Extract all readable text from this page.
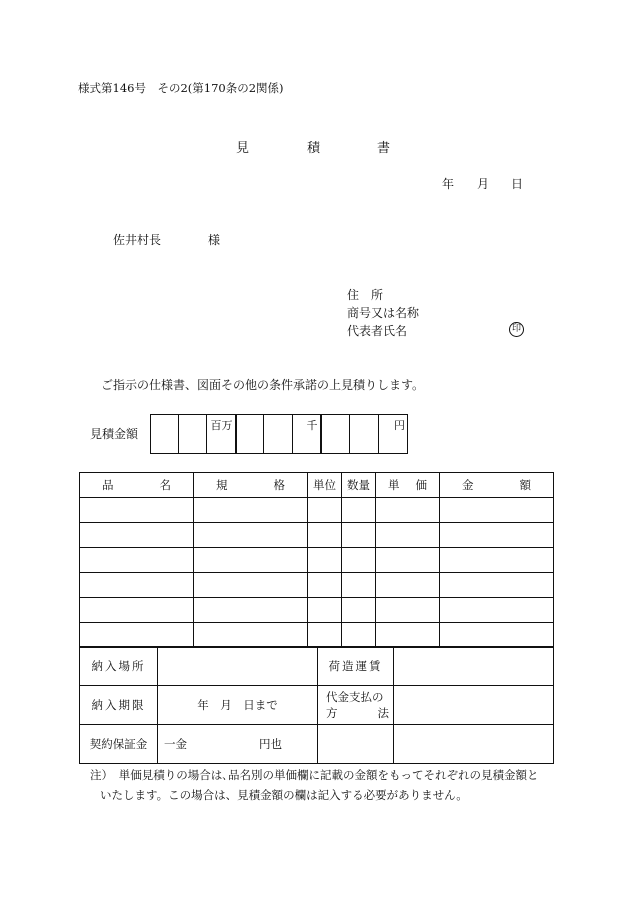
様式第146号　その2(第170条の2関係)
見	積	書
年 月 日
佐井村長	様
住　所
商号又は名称
代表者氏名	印
ご指示の仕様書、図面その他の条件承諾の上見積りします。
見積金額

百万			千			円
品 名	規 格	単位	数量	単 価	金 額

納入場所		荷造運賃	
納入期限	年　月　日まで	代金支払の
方 法	

契約保証金	一金 円也		
注）　単価見積りの場合は､品名別の単価欄に記載の金額をもってそれぞれの見積金額と
いたします。この場合は、見積金額の欄は記入する必要がありません。
